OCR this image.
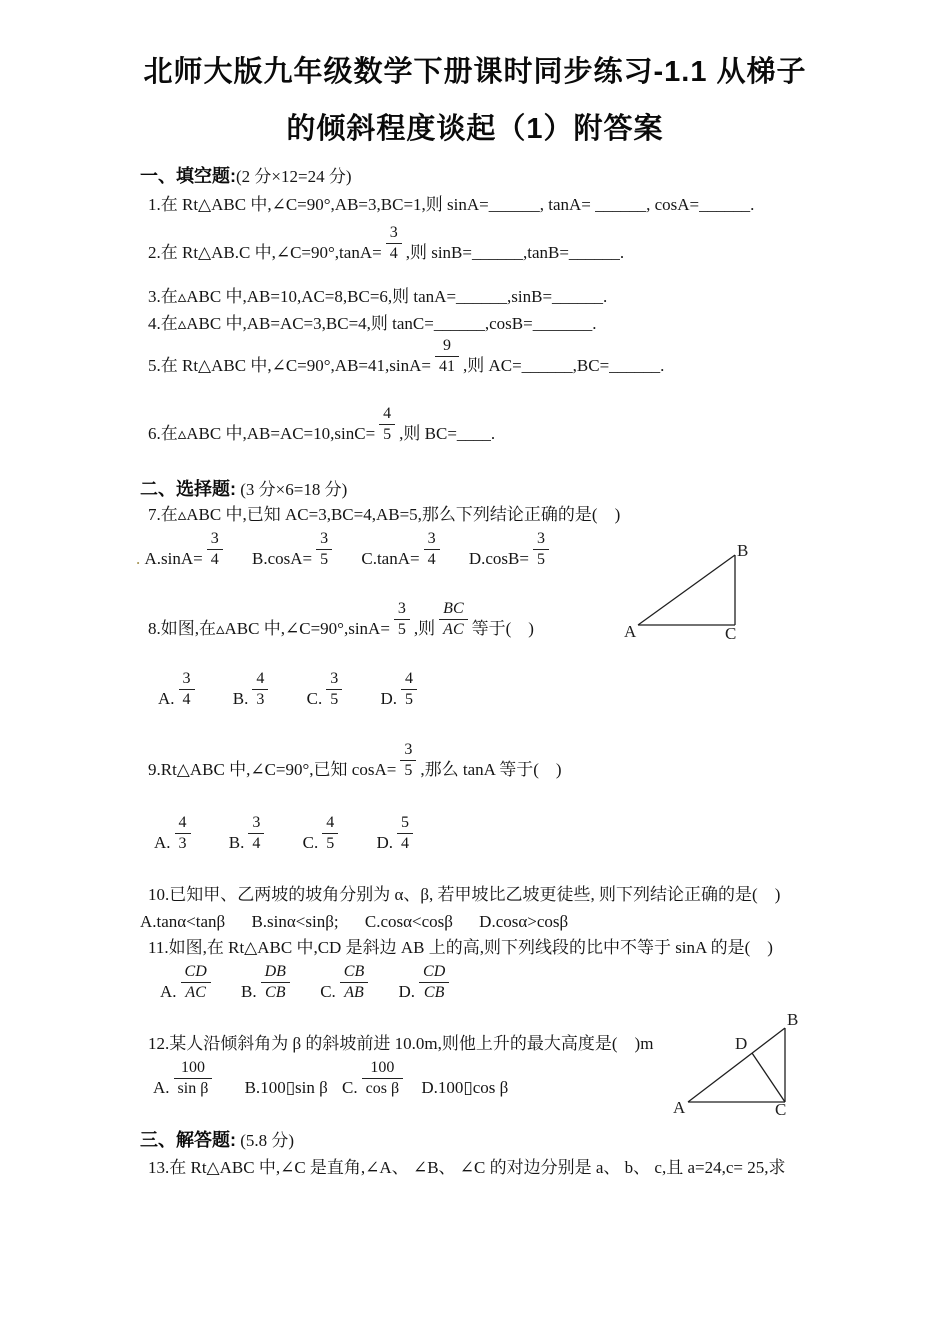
北师大版九年级数学下册课时同步练习-1.1 从梯子
的倾斜程度谈起（1）附答案
一、填空题:(2 分×12=24 分)
1.在 Rt△ABC 中,∠C=90°,AB=3,BC=1,则 sinA=______, tanA= ______, cosA=______.
2.在 Rt△AB.C 中,∠C=90°,tanA= $\frac{3}{4}$ ,则 sinB=______,tanB=______.
3.在▵ABC 中,AB=10,AC=8,BC=6,则 tanA=______,sinB=______.
4.在▵ABC 中,AB=AC=3,BC=4,则 tanC=______,cosB=_______.
5.在 Rt△ABC 中,∠C=90°,AB=41,sinA= $\frac{9}{41}$ ,则 AC=______,BC=______.
6.在▵ABC 中$,AB=AC=10,\sin C= \frac{4}{5}$ ,则 BC=____.
二、选择题: (3 分×6=18 分)
7.在▵ABC 中,已知 AC=3,BC=4,AB=5,那么下列结论正确的是(　)
. $A.\sin A= \frac{3}{4} B.\cos A= \frac{3}{5} C.\tan A= \frac{3}{4} D.\cos B= \frac{3}{5}$
8.如图,在▵ABC 中,∠C=90°,sinA= $\frac{3}{5}$ ,则 $\frac{BC}{AC}$ 等于(　)
A. $\frac{3}{4} B$. $\frac{4}{3} C$. $\frac{3}{5} D$. $\frac{4}{5}$
9.Rt△ABC 中,∠C=90°,已知 $\cos A= \frac{3}{5}$ ,那么 tanA 等于(　)
A. $\frac{4}{3} B$. $\frac{3}{4} C$. $\frac{4}{5} D$. $\frac{5}{4}$
10.已知甲、乙两坡的坡角分别为 α、β, 若甲坡比乙坡更徒些, 则下列结论正确的是(　)
A.tanα<tanβ B.sinα<sinβ; C.cosα<cosβ D.cosα>cosβ
11.如图,在 Rt△ABC 中,CD 是斜边 AB 上的高,则下列线段的比中不等于 sinA 的是(　)
A. $\frac{CD}{AC} B$. $\frac{DB}{CB} C$. $\frac{CB}{AB} D$. $\frac{CD}{CB}$
12.某人沿倾斜角为 β 的斜坡前进 10.0m,则他上升的最大高度是(　)m
A. $\frac{100}{\text{sin β}}$ B.100▯sin β C. $\frac{100}{\text{cos β}}$ D.100▯cos β
三、解答题: (5.8 分)
13.在 Rt△ABC 中,∠C 是直角,∠A、 ∠B、 ∠C 的对边分别是 a、 b、 c,且 a=24,c= 25,求
A
B
C
A
B
C
D
